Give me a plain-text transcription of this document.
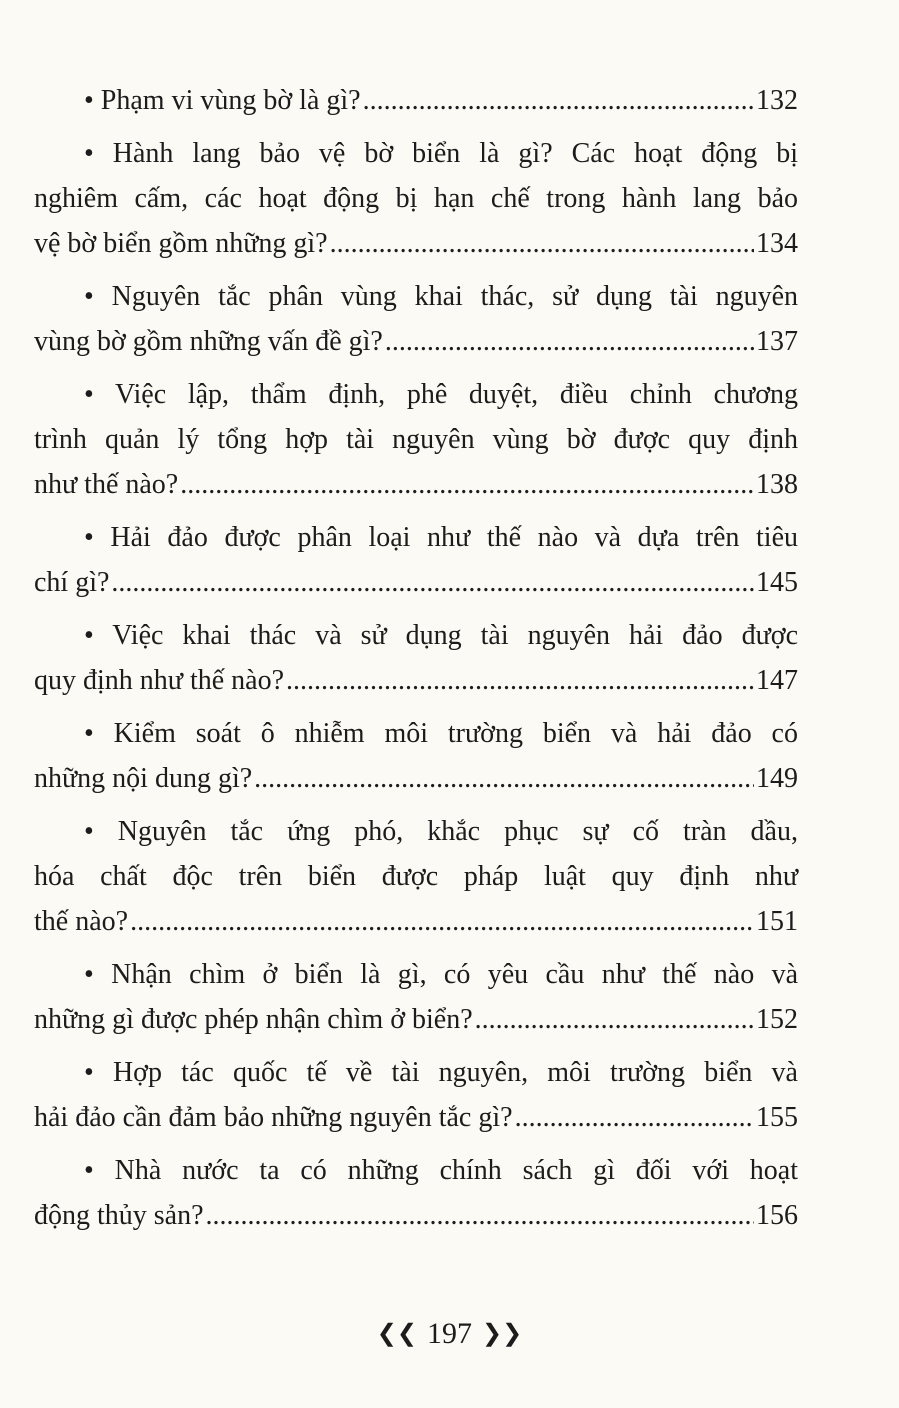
• Phạm vi vùng bờ là gì? .....	132
• Hành lang bảo vệ bờ biển là gì? Các hoạt động bị
nghiêm cấm, các hoạt động bị hạn chế trong hành lang bảo
vệ bờ biển gồm những gì? .....	134
• Nguyên tắc phân vùng khai thác, sử dụng tài nguyên
vùng bờ gồm những vấn đề gì? .....	137
• Việc lập, thẩm định, phê duyệt, điều chỉnh chương
trình quản lý tổng hợp tài nguyên vùng bờ được quy định
như thế nào? .....	138
• Hải đảo được phân loại như thế nào và dựa trên tiêu
chí gì? .....	145
• Việc khai thác và sử dụng tài nguyên hải đảo được
quy định như thế nào? .....	147
• Kiểm soát ô nhiễm môi trường biển và hải đảo có
những nội dung gì? .....	149
• Nguyên tắc ứng phó, khắc phục sự cố tràn dầu,
hóa chất độc trên biển được pháp luật quy định như
thế nào? .....	151
• Nhận chìm ở biển là gì, có yêu cầu như thế nào và
những gì được phép nhận chìm ở biển? .....	152
• Hợp tác quốc tế về tài nguyên, môi trường biển và
hải đảo cần đảm bảo những nguyên tắc gì? .....	155
• Nhà nước ta có những chính sách gì đối với hoạt
động thủy sản? .....	156
❮❮ 197 ❯❯
